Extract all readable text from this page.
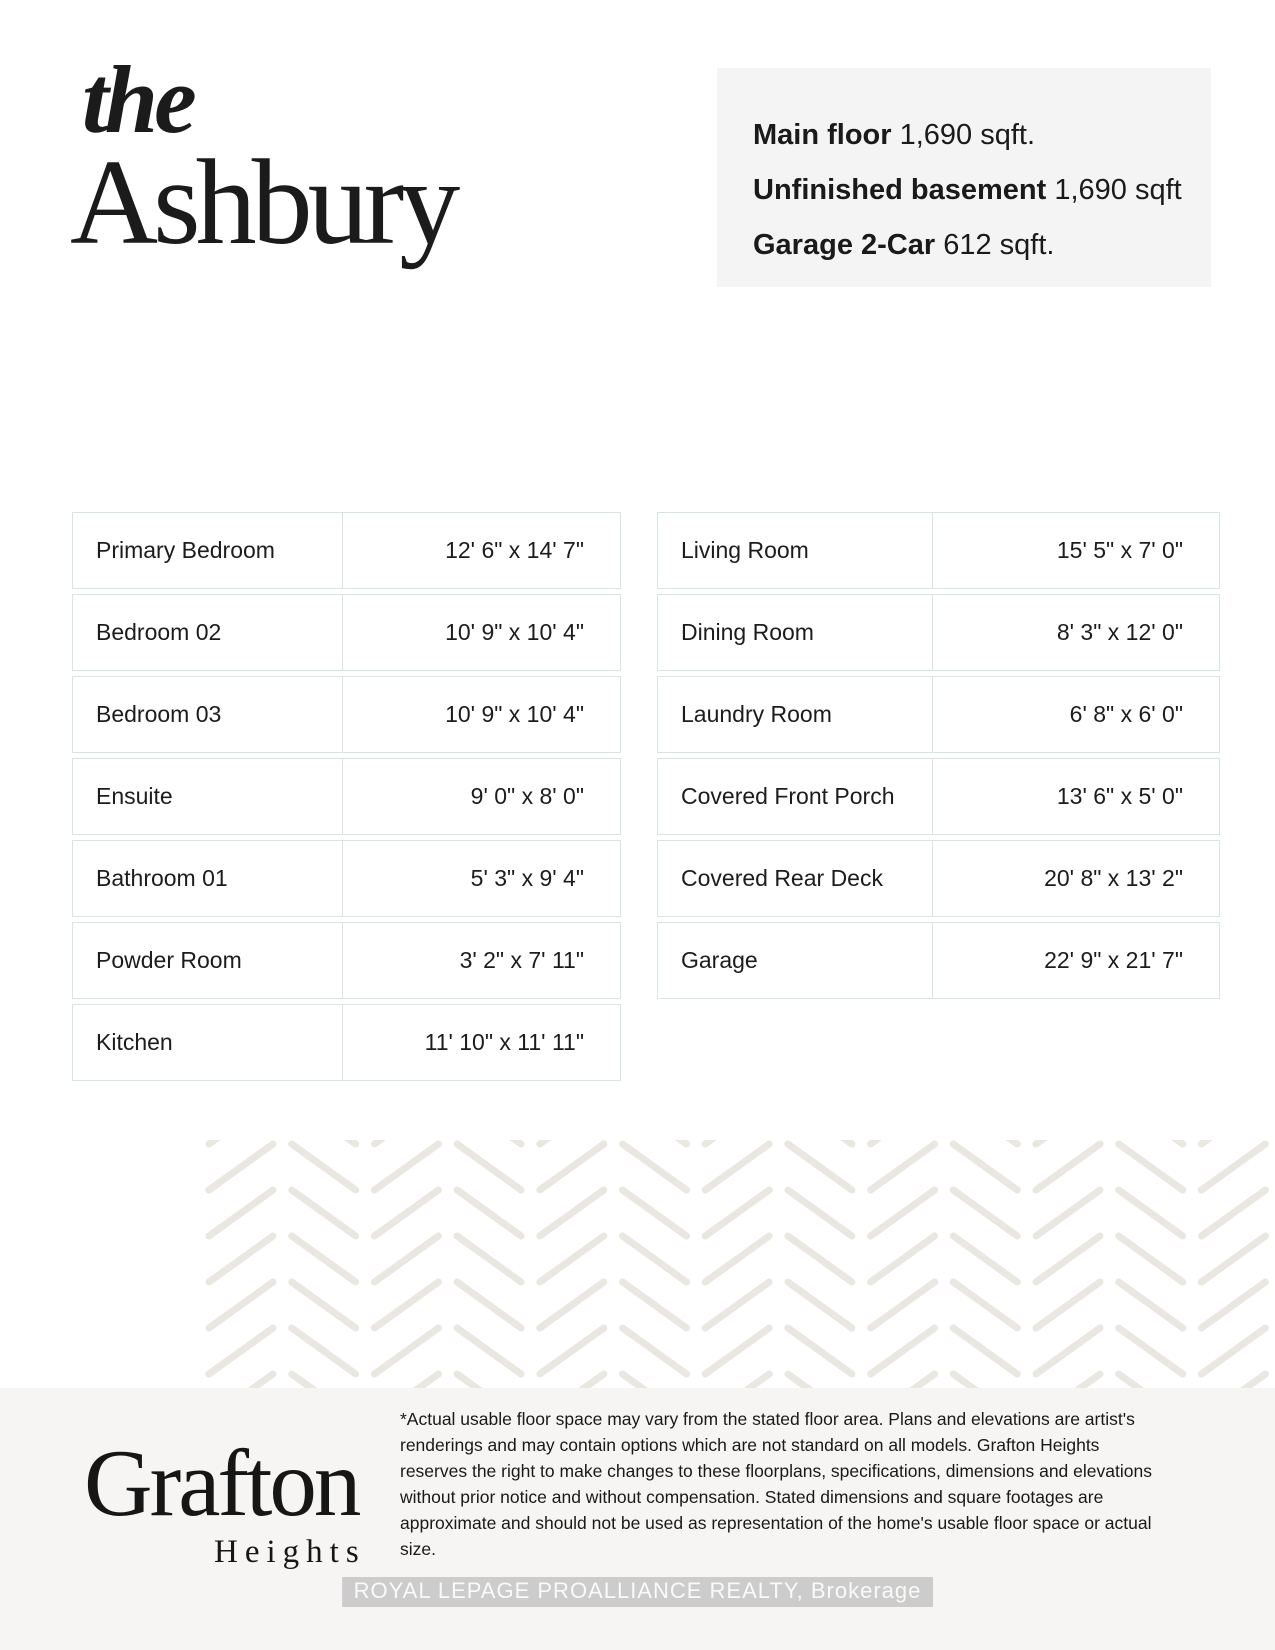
the
Ashbury	Main floor 1,690 sqft.
Unfinished basement 1,690 sqft
Garage 2-Car 612 sqft.
Primary Bedroom	12' 6" x 14' 7"
Bedroom 02	10' 9" x 10' 4"
Bedroom 03	10' 9" x 10' 4"
Ensuite	9' 0" x 8' 0"
Bathroom 01	5' 3" x 9' 4"
Powder Room	3' 2" x 7' 11"
Kitchen	11' 10" x 11' 11"
Living Room	15' 5" x 7' 0"
Dining Room	8' 3" x 12' 0"
Laundry Room	6' 8" x 6' 0"
Covered Front Porch	13' 6" x 5' 0"
Covered Rear Deck	20' 8" x 13' 2"
Garage	22' 9" x 21' 7"
Grafton
Heights
*Actual usable floor space may vary from the stated floor area. Plans and elevations are artist's renderings and may contain options which are not standard on all models. Grafton Heights reserves the right to make changes to these floorplans, specifications, dimensions and elevations without prior notice and without compensation. Stated dimensions and square footages are approximate and should not be used as representation of the home's usable floor space or actual size.
ROYAL LEPAGE PROALLIANCE REALTY, Brokerage
